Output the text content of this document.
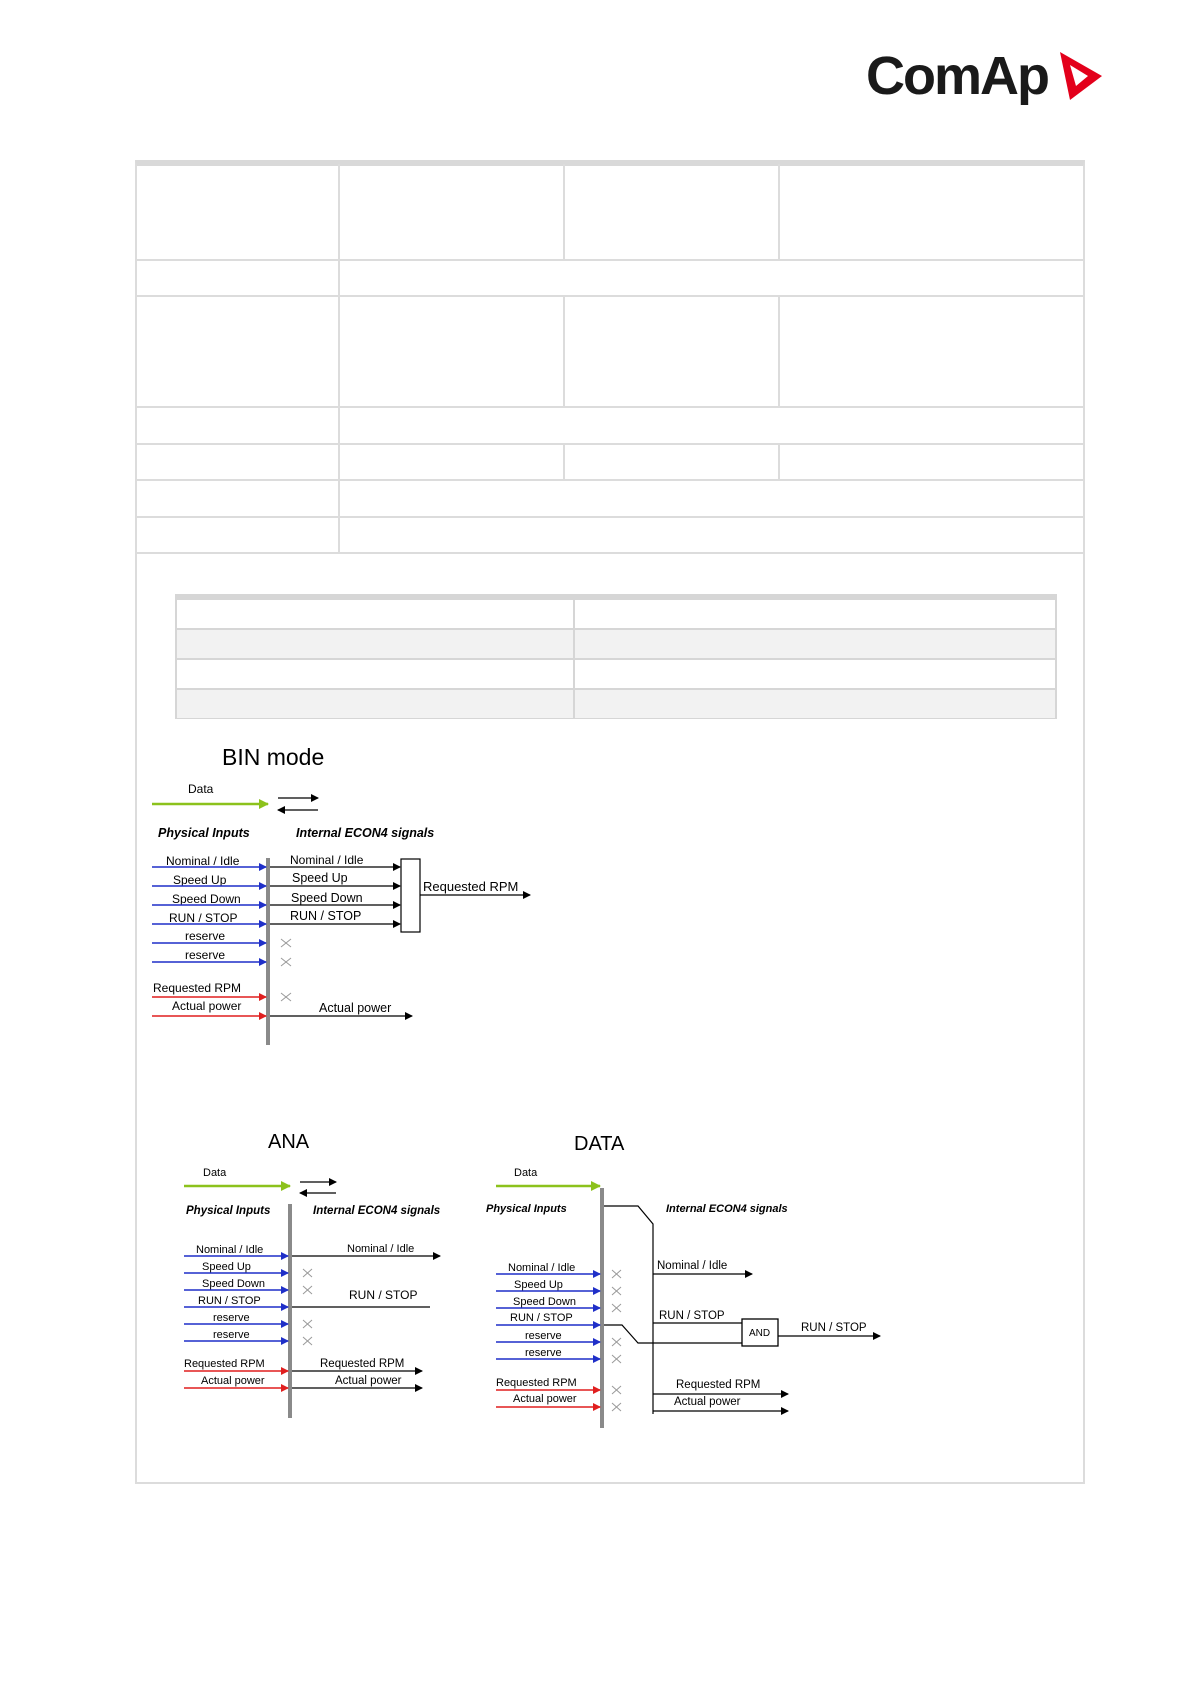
ComAp
BIN mode
Data
Physical Inputs	Internal ECON4 signals
Nominal / Idle
Speed Up
Speed Down
RUN / STOP
reserve
reserve
Requested RPM
Actual power
Nominal / Idle
Speed Up
Speed Down
RUN / STOP
Requested RPM
Actual power
ANA
Data
Physical Inputs	Internal ECON4 signals
Nominal / Idle
Speed Up
Speed Down
RUN / STOP
reserve
reserve
Requested RPM
Actual power
Nominal / Idle
RUN / STOP
Requested RPM
Actual power
DATA
Data
Physical Inputs	Internal ECON4 signals
Nominal / Idle
Speed Up
Speed Down
RUN / STOP
reserve
reserve
Requested RPM
Actual power
Nominal / Idle
RUN / STOP
AND	RUN / STOP
Requested RPM
Actual power
